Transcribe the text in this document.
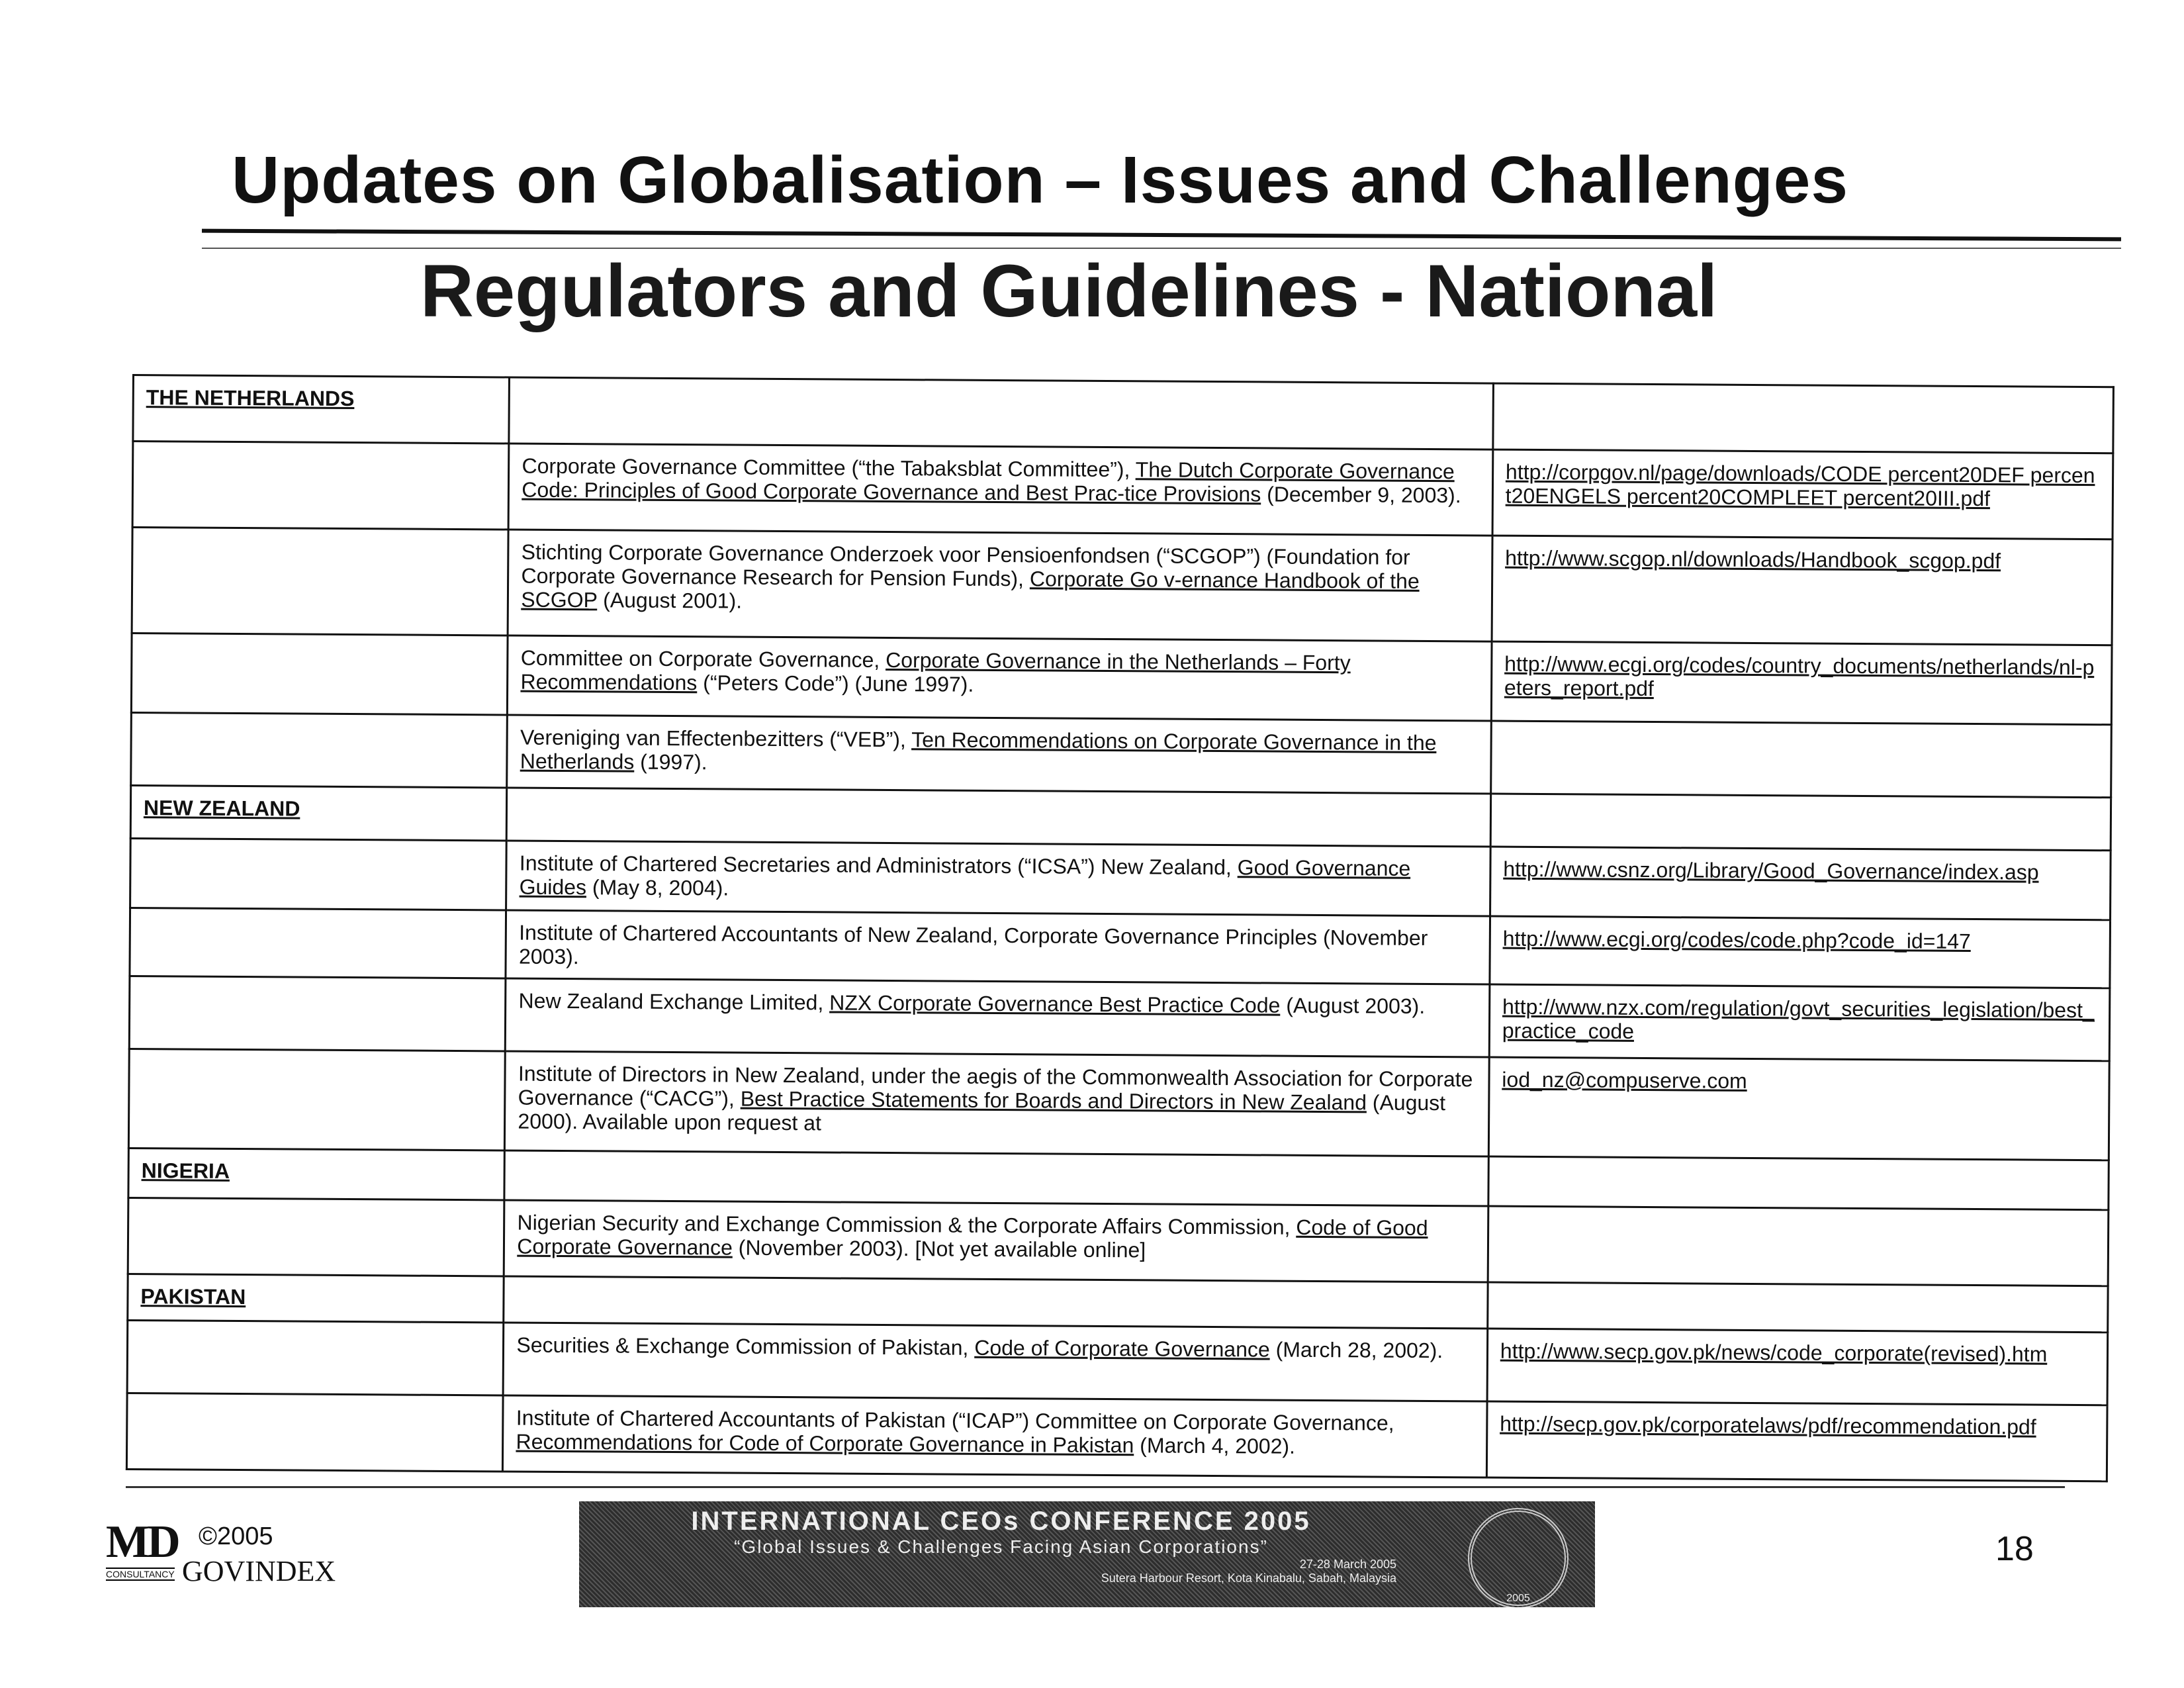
Updates on Globalisation – Issues and Challenges
Regulators and Guidelines - National
THE NETHERLANDS		
	Corporate Governance Committee (“the Tabaksblat Committee”), The Dutch Corporate Governance Code: Principles of Good Corporate Governance and Best Prac-tice Provisions (December 9, 2003).	http://corpgov.nl/page/downloads/CODE percent20DEF percent20ENGELS percent20COMPLEET percent20III.pdf
	Stichting Corporate Governance Onderzoek voor Pensioenfondsen (“SCGOP”) (Foundation for Corporate Governance Research for Pension Funds), Corporate Go v-ernance Handbook of the SCGOP (August 2001).	http://www.scgop.nl/downloads/Handbook_scgop.pdf
	Committee on Corporate Governance, Corporate Governance in the Netherlands – Forty Recommendations (“Peters Code”) (June 1997).	http://www.ecgi.org/codes/country_documents/netherlands/nl-peters_report.pdf
	Vereniging van Effectenbezitters (“VEB”), Ten Recommendations on Corporate Governance in the Netherlands (1997).	
NEW ZEALAND		
	Institute of Chartered Secretaries and Administrators (“ICSA”) New Zealand, Good Governance Guides (May 8, 2004).	http://www.csnz.org/Library/Good_Governance/index.asp
	Institute of Chartered Accountants of New Zealand, Corporate Governance Principles (November 2003).	http://www.ecgi.org/codes/code.php?code_id=147
	New Zealand Exchange Limited, NZX Corporate Governance Best Practice Code (August 2003).	http://www.nzx.com/regulation/govt_securities_legislation/best_practice_code
	Institute of Directors in New Zealand, under the aegis of the Commonwealth Association for Corporate Governance (“CACG”), Best Practice Statements for Boards and Directors in New Zealand (August 2000). Available upon request at	iod_nz@compuserve.com
NIGERIA		
	Nigerian Security and Exchange Commission & the Corporate Affairs Commission, Code of Good Corporate Governance (November 2003). [Not yet available online]	
PAKISTAN		
	Securities & Exchange Commission of Pakistan, Code of Corporate Governance (March 28, 2002).	http://www.secp.gov.pk/news/code_corporate(revised).htm
	Institute of Chartered Accountants of Pakistan (“ICAP”) Committee on Corporate Governance, Recommendations for Code of Corporate Governance in Pakistan (March 4, 2002).	http://secp.gov.pk/corporatelaws/pdf/recommendation.pdf
MD ©2005
CONSULTANCY GOVINDEX
INTERNATIONAL CEOs CONFERENCE 2005
“Global Issues & Challenges Facing Asian Corporations”
27-28 March 2005
Sutera Harbour Resort, Kota Kinabalu, Sabah, Malaysia
2005
18
